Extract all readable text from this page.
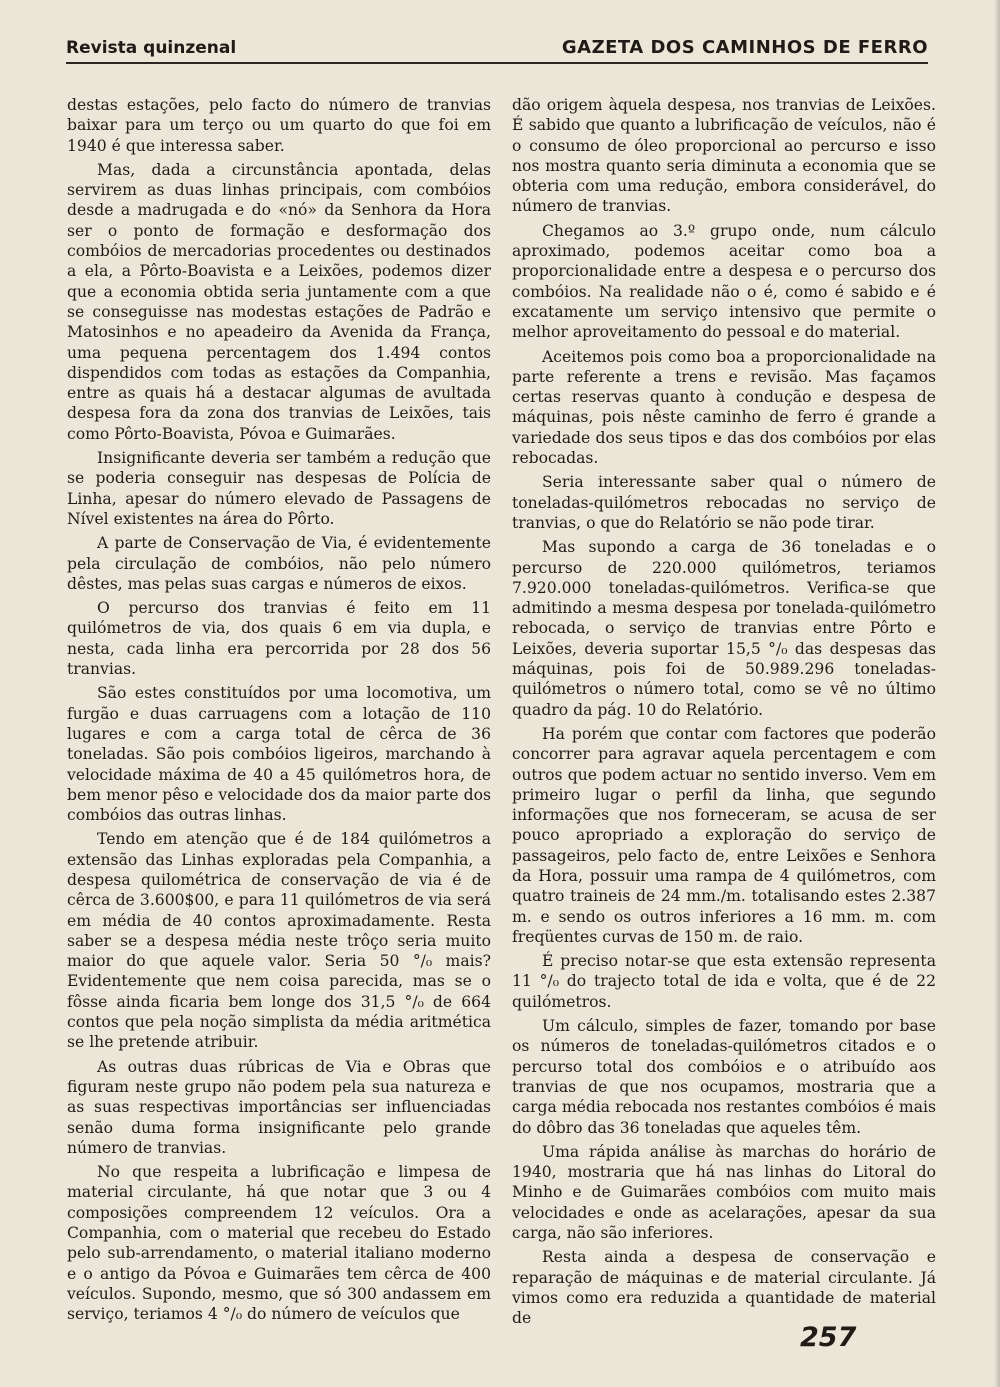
Revista quinzenal	GAZETA DOS CAMINHOS DE FERRO

destas estações, pelo facto do número de tranvias baixar para um terço ou um quarto do que foi em 1940 é que interessa saber.

Mas, dada a circunstância apontada, delas servirem as duas linhas principais, com combóios desde a madrugada e do «nó» da Senhora da Hora ser o ponto de formação e desformação dos combóios de mercadorias procedentes ou destinados a ela, a Pôrto-Boavista e a Leixões, podemos dizer que a economia obtida seria juntamente com a que se conseguisse nas modestas estações de Padrão e Matosinhos e no apeadeiro da Avenida da França, uma pequena percentagem dos 1.494 contos dispendidos com todas as estações da Companhia, entre as quais há a destacar algumas de avultada despesa fora da zona dos tranvias de Leixões, tais como Pôrto-Boavista, Póvoa e Guimarães.

Insignificante deveria ser também a redução que se poderia conseguir nas despesas de Polícia de Linha, apesar do número elevado de Passagens de Nível existentes na área do Pôrto.

A parte de Conservação de Via, é evidentemente pela circulação de combóios, não pelo número dêstes, mas pelas suas cargas e números de eixos.

O percurso dos tranvias é feito em 11 quilómetros de via, dos quais 6 em via dupla, e nesta, cada linha era percorrida por 28 dos 56 tranvias.

São estes constituídos por uma locomotiva, um furgão e duas carruagens com a lotação de 110 lugares e com a carga total de cêrca de 36 toneladas. São pois combóios ligeiros, marchando à velocidade máxima de 40 a 45 quilómetros hora, de bem menor pêso e velocidade dos da maior parte dos combóios das outras linhas.

Tendo em atenção que é de 184 quilómetros a extensão das Linhas exploradas pela Companhia, a despesa quilométrica de conservação de via é de cêrca de 3.600$00, e para 11 quilómetros de via será em média de 40 contos aproximadamente. Resta saber se a despesa média neste trôço seria muito maior do que aquele valor. Seria 50 °/₀ mais? Evidentemente que nem coisa parecida, mas se o fôsse ainda ficaria bem longe dos 31,5 °/₀ de 664 contos que pela noção simplista da média aritmética se lhe pretende atribuir.

As outras duas rúbricas de Via e Obras que figuram neste grupo não podem pela sua natureza e as suas respectivas importâncias ser influenciadas senão duma forma insignificante pelo grande número de tranvias.

No que respeita a lubrificação e limpesa de material circulante, há que notar que 3 ou 4 composições compreendem 12 veículos. Ora a Companhia, com o material que recebeu do Estado pelo sub-arrendamento, o material italiano moderno e o antigo da Póvoa e Guimarães tem cêrca de 400 veículos. Supondo, mesmo, que só 300 andassem em serviço, teriamos 4 °/₀ do número de veículos que

dão origem àquela despesa, nos tranvias de Leixões. É sabido que quanto a lubrificação de veículos, não é o consumo de óleo proporcional ao percurso e isso nos mostra quanto seria diminuta a economia que se obteria com uma redução, embora considerável, do número de tranvias.

Chegamos ao 3.º grupo onde, num cálculo aproximado, podemos aceitar como boa a proporcionalidade entre a despesa e o percurso dos combóios. Na realidade não o é, como é sabido e é excatamente um serviço intensivo que permite o melhor aproveitamento do pessoal e do material.

Aceitemos pois como boa a proporcionalidade na parte referente a trens e revisão. Mas façamos certas reservas quanto à condução e despesa de máquinas, pois nêste caminho de ferro é grande a variedade dos seus tipos e das dos combóios por elas rebocadas.

Seria interessante saber qual o número de toneladas-quilómetros rebocadas no serviço de tranvias, o que do Relatório se não pode tirar.

Mas supondo a carga de 36 toneladas e o percurso de 220.000 quilómetros, teriamos 7.920.000 toneladas-quilómetros. Verifica-se que admitindo a mesma despesa por tonelada-quilómetro rebocada, o serviço de tranvias entre Pôrto e Leixões, deveria suportar 15,5 °/₀ das despesas das máquinas, pois foi de 50.989.296 toneladas-quilómetros o número total, como se vê no último quadro da pág. 10 do Relatório.

Ha porém que contar com factores que poderão concorrer para agravar aquela percentagem e com outros que podem actuar no sentido inverso. Vem em primeiro lugar o perfil da linha, que segundo informações que nos forneceram, se acusa de ser pouco apropriado a exploração do serviço de passageiros, pelo facto de, entre Leixões e Senhora da Hora, possuir uma rampa de 4 quilómetros, com quatro traineis de 24 mm./m. totalisando estes 2.387 m. e sendo os outros inferiores a 16 mm. m. com freqüentes curvas de 150 m. de raio.

É preciso notar-se que esta extensão representa 11 °/₀ do trajecto total de ida e volta, que é de 22 quilómetros.

Um cálculo, simples de fazer, tomando por base os números de toneladas-quilómetros citados e o percurso total dos combóios e o atribuído aos tranvias de que nos ocupamos, mostraria que a carga média rebocada nos restantes combóios é mais do dôbro das 36 toneladas que aqueles têm.

Uma rápida análise às marchas do horário de 1940, mostraria que há nas linhas do Litoral do Minho e de Guimarães combóios com muito mais velocidades e onde as acelarações, apesar da sua carga, não são inferiores.

Resta ainda a despesa de conservação e reparação de máquinas e de material circulante. Já vimos como era reduzida a quantidade de material de

257
